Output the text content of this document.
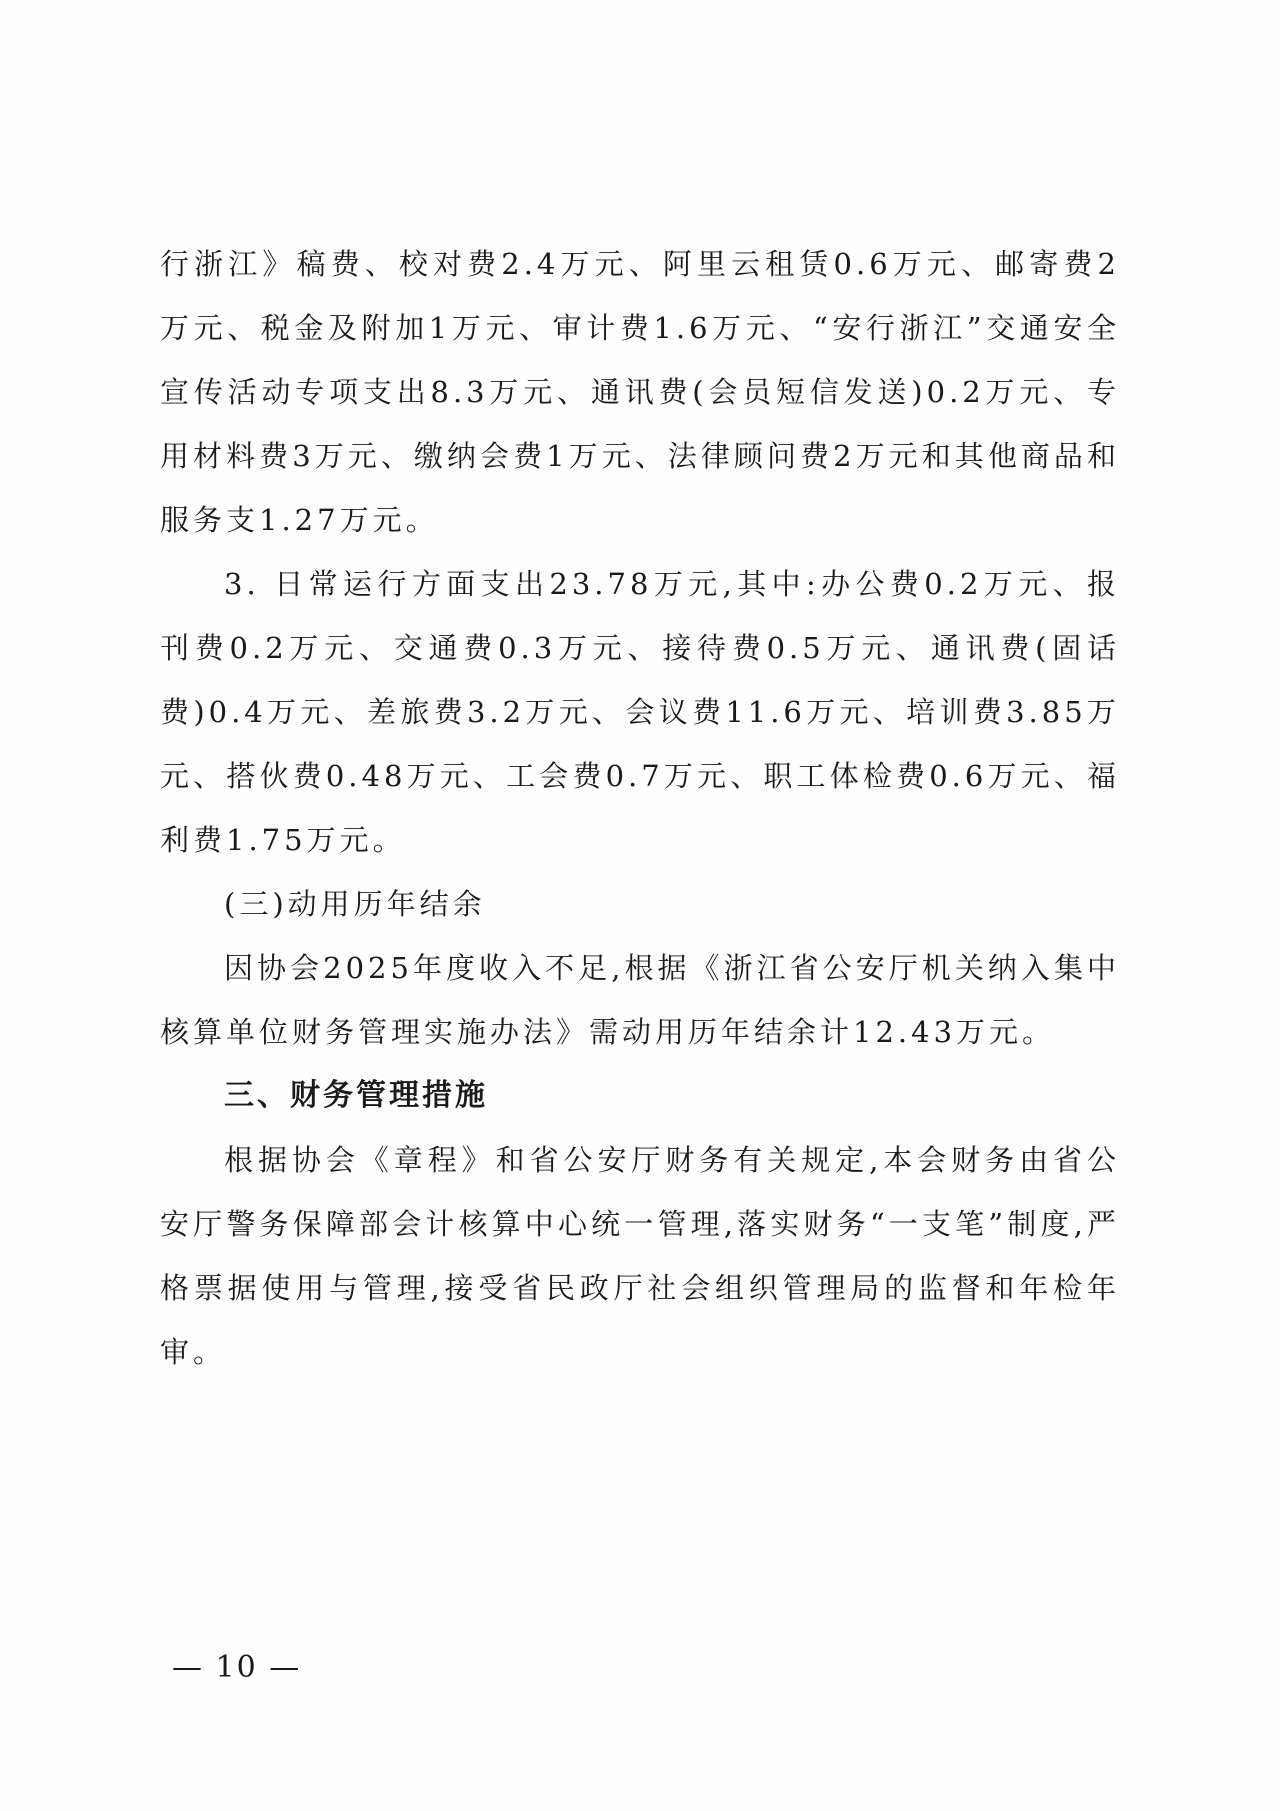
行浙江》稿费、校对费2.4万元、阿里云租赁0.6万元、邮寄费2万元、税金及附加1万元、审计费1.6万元、“安行浙江”交通安全宣传活动专项支出8.3万元、通讯费(会员短信发送)0.2万元、专用材料费3万元、缴纳会费1万元、法律顾问费2万元和其他商品和服务支1.27万元。

3. 日常运行方面支出23.78万元,其中:办公费0.2万元、报刊费0.2万元、交通费0.3万元、接待费0.5万元、通讯费(固话费)0.4万元、差旅费3.2万元、会议费11.6万元、培训费3.85万元、搭伙费0.48万元、工会费0.7万元、职工体检费0.6万元、福利费1.75万元。

(三)动用历年结余

因协会2025年度收入不足,根据《浙江省公安厅机关纳入集中核算单位财务管理实施办法》需动用历年结余计12.43万元。

三、财务管理措施

根据协会《章程》和省公安厅财务有关规定,本会财务由省公安厅警务保障部会计核算中心统一管理,落实财务“一支笔”制度,严格票据使用与管理,接受省民政厅社会组织管理局的监督和年检年审。

— 10 —
